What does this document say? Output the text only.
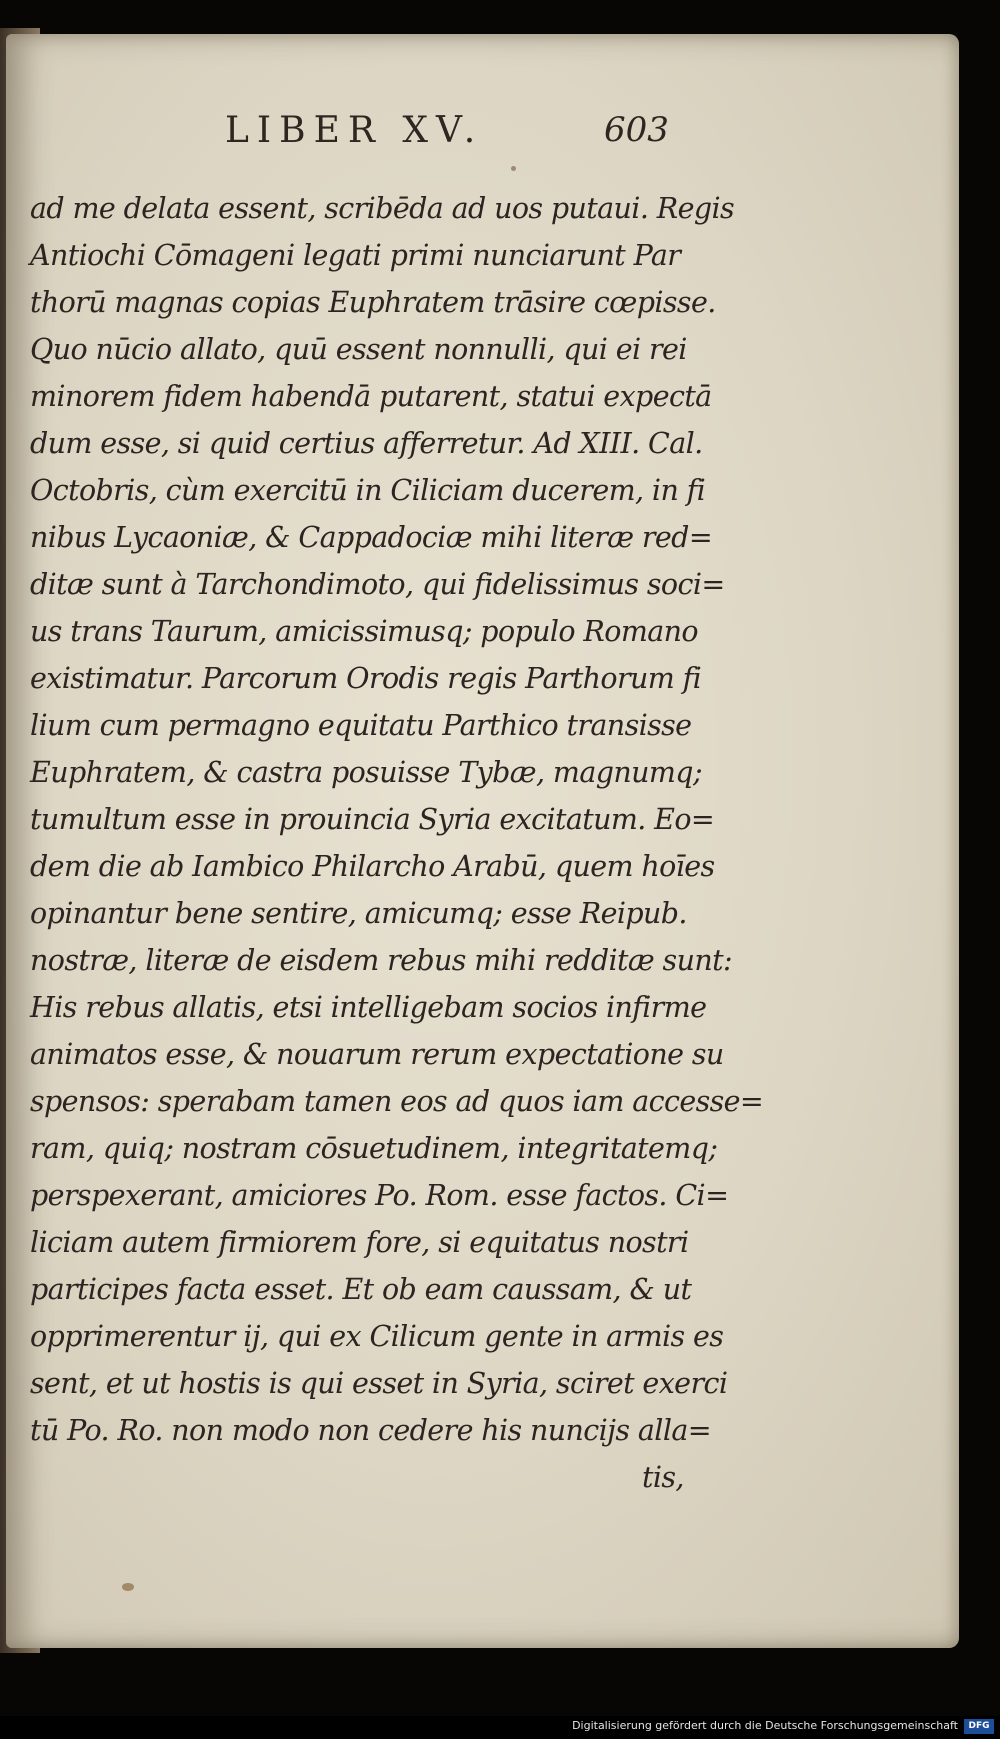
LIBER XV.	603
ad me delata essent, scribēda ad uos putaui. Regis
Antiochi Cōmageni legati primi nunciarunt Par
thorū magnas copias Euphratem trāsire cœpisse.
Quo nūcio allato, quū essent nonnulli, qui ei rei
minorem fidem habendā putarent, statui expectā
dum esse, si quid certius afferretur. Ad XIII. Cal.
Octobris, cùm exercitū in Ciliciam ducerem, in fi
nibus Lycaoniæ, & Cappadociæ mihi literæ red=
ditæ sunt à Tarchondimoto, qui fidelissimus soci=
us trans Taurum, amicissimusq; populo Romano
existimatur. Parcorum Orodis regis Parthorum fi
lium cum permagno equitatu Parthico transisse
Euphratem, & castra posuisse Tybæ, magnumq;
tumultum esse in prouincia Syria excitatum. Eo=
dem die ab Iambico Philarcho Arabū, quem hoīes
opinantur bene sentire, amicumq; esse Reipub.
nostræ, literæ de eisdem rebus mihi redditæ sunt:
His rebus allatis, etsi intelligebam socios infirme
animatos esse, & nouarum rerum expectatione su
spensos: sperabam tamen eos ad quos iam accesse=
ram, quiq; nostram cōsuetudinem, integritatemq;
perspexerant, amiciores Po. Rom. esse factos. Ci=
liciam autem firmiorem fore, si equitatus nostri
participes facta esset. Et ob eam caussam, & ut
opprimerentur ij, qui ex Cilicum gente in armis es
sent, et ut hostis is qui esset in Syria, sciret exerci
tū Po. Ro. non modo non cedere his nuncijs alla=
tis,
Digitalisierung gefördert durch die Deutsche Forschungsgemeinschaft	DFG
